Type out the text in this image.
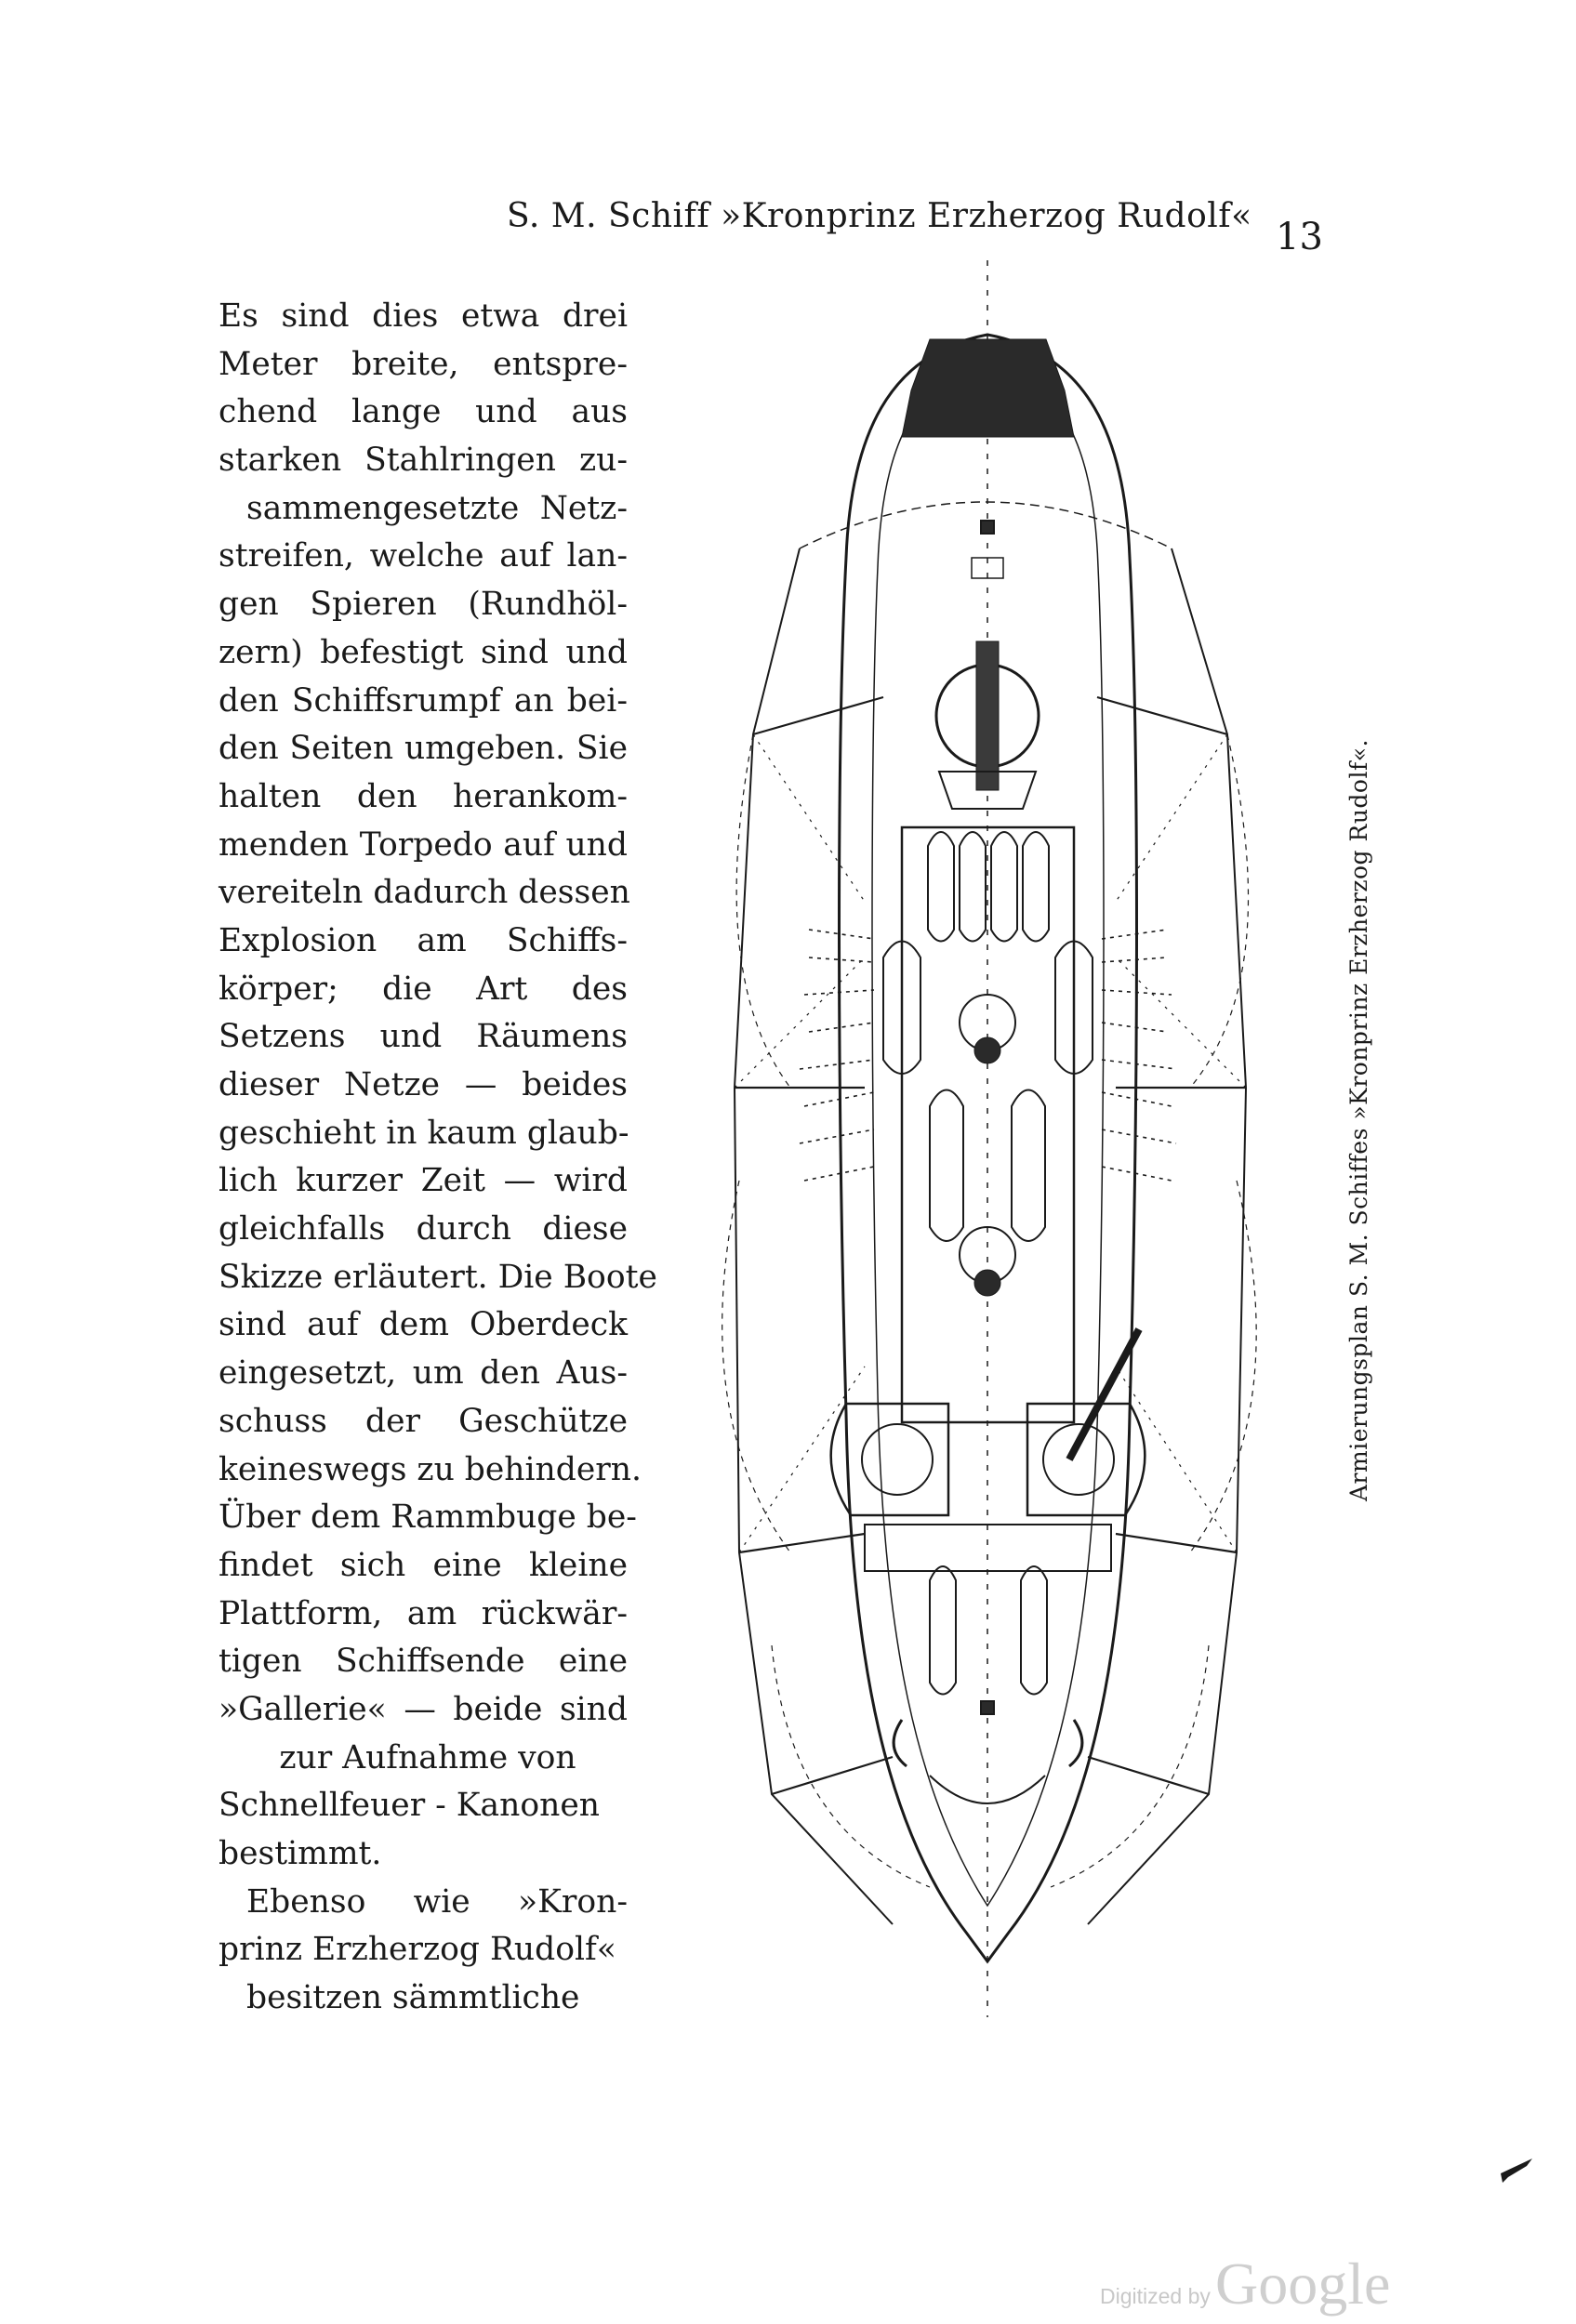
S. M. Schiff »Kronprinz Erzherzog Rudolf« 13
Es sind dies etwa drei
Meter breite, entspre-
chend lange und aus
starken Stahlringen zu-
sammengesetzte Netz-
streifen, welche auf lan-
gen Spieren (Rundhöl-
zern) befestigt sind und
den Schiffsrumpf an bei-
den Seiten umgeben. Sie
halten den herankom-
menden Torpedo auf und
vereiteln dadurch dessen
Explosion am Schiffs-
körper; die Art des
Setzens und Räumens
dieser Netze — beides
geschieht in kaum glaub-
lich kurzer Zeit — wird
gleichfalls durch diese
Skizze erläutert. Die Boote
sind auf dem Oberdeck
eingesetzt, um den Aus-
schuss der Geschütze
keineswegs zu behindern.
Über dem Rammbuge be-
findet sich eine kleine
Plattform, am rückwär-
tigen Schiffsende eine
»Gallerie« — beide sind
zur Aufnahme von
Schnellfeuer - Kanonen
bestimmt.
Ebenso wie »Kron-
prinz Erzherzog Rudolf«
besitzen sämmtliche
Armierungsplan S. M. Schiffes »Kronprinz Erzherzog Rudolf«.
Digitized by Google
